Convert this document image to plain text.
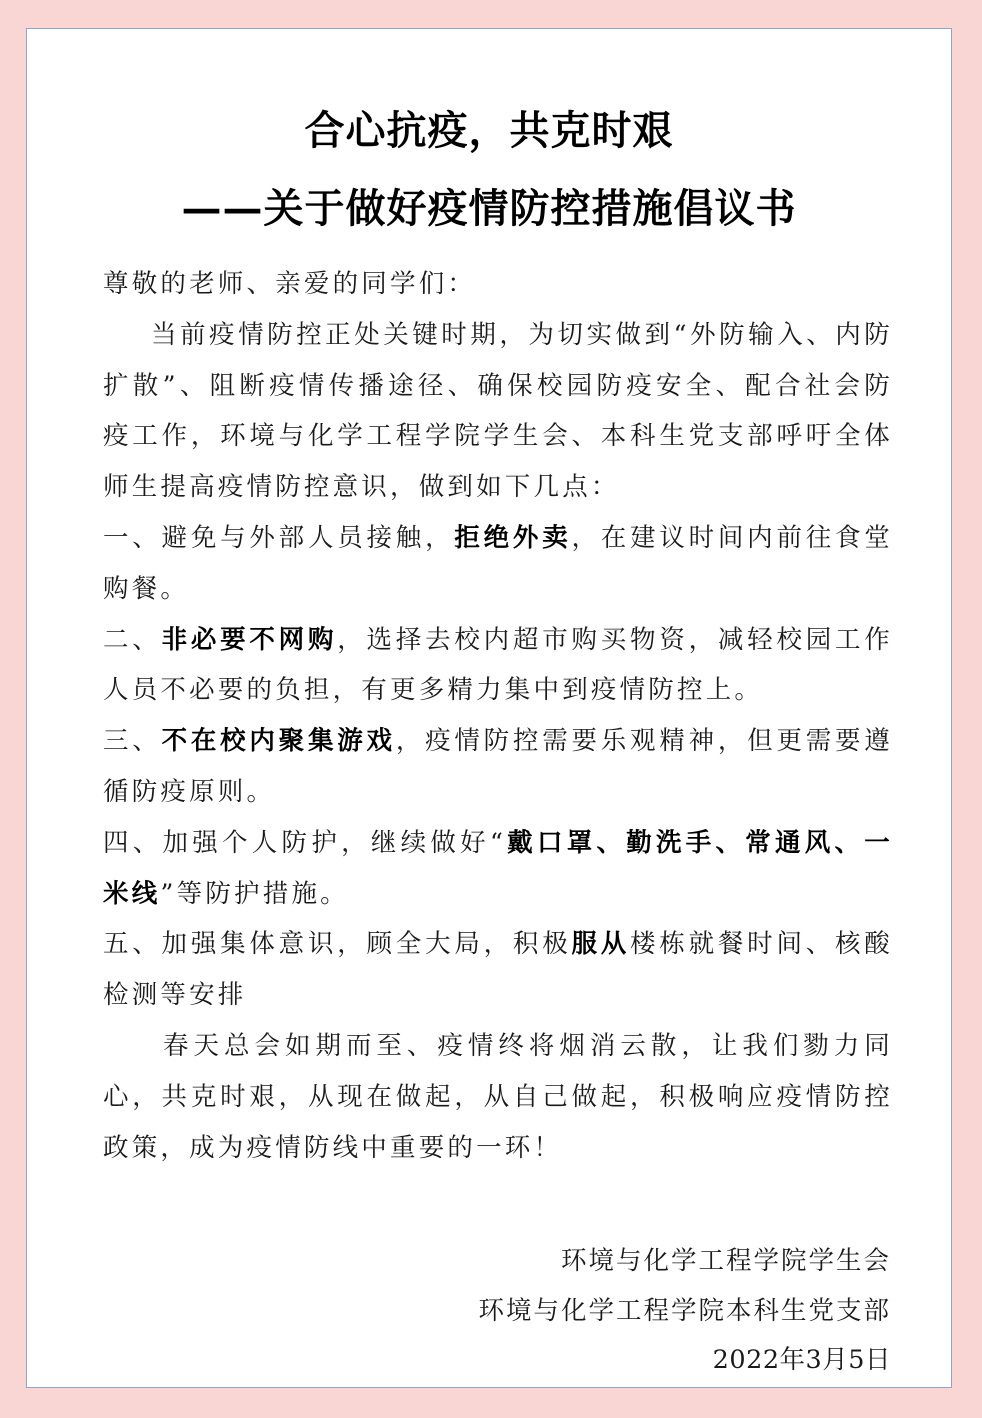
合心抗疫，共克时艰
——关于做好疫情防控措施倡议书

尊敬的老师、亲爱的同学们：

当前疫情防控正处关键时期，为切实做到“外防输入、内防扩散”、阻断疫情传播途径、确保校园防疫安全、配合社会防疫工作，环境与化学工程学院学生会、本科生党支部呼吁全体师生提高疫情防控意识，做到如下几点：

一、避免与外部人员接触，拒绝外卖，在建议时间内前往食堂购餐。

二、非必要不网购，选择去校内超市购买物资，减轻校园工作人员不必要的负担，有更多精力集中到疫情防控上。

三、不在校内聚集游戏，疫情防控需要乐观精神，但更需要遵循防疫原则。

四、加强个人防护，继续做好“戴口罩、勤洗手、常通风、一米线”等防护措施。

五、加强集体意识，顾全大局，积极服从楼栋就餐时间、核酸检测等安排

春天总会如期而至、疫情终将烟消云散，让我们勠力同心，共克时艰，从现在做起，从自己做起，积极响应疫情防控政策，成为疫情防线中重要的一环！

环境与化学工程学院学生会
环境与化学工程学院本科生党支部
2022年3月5日
